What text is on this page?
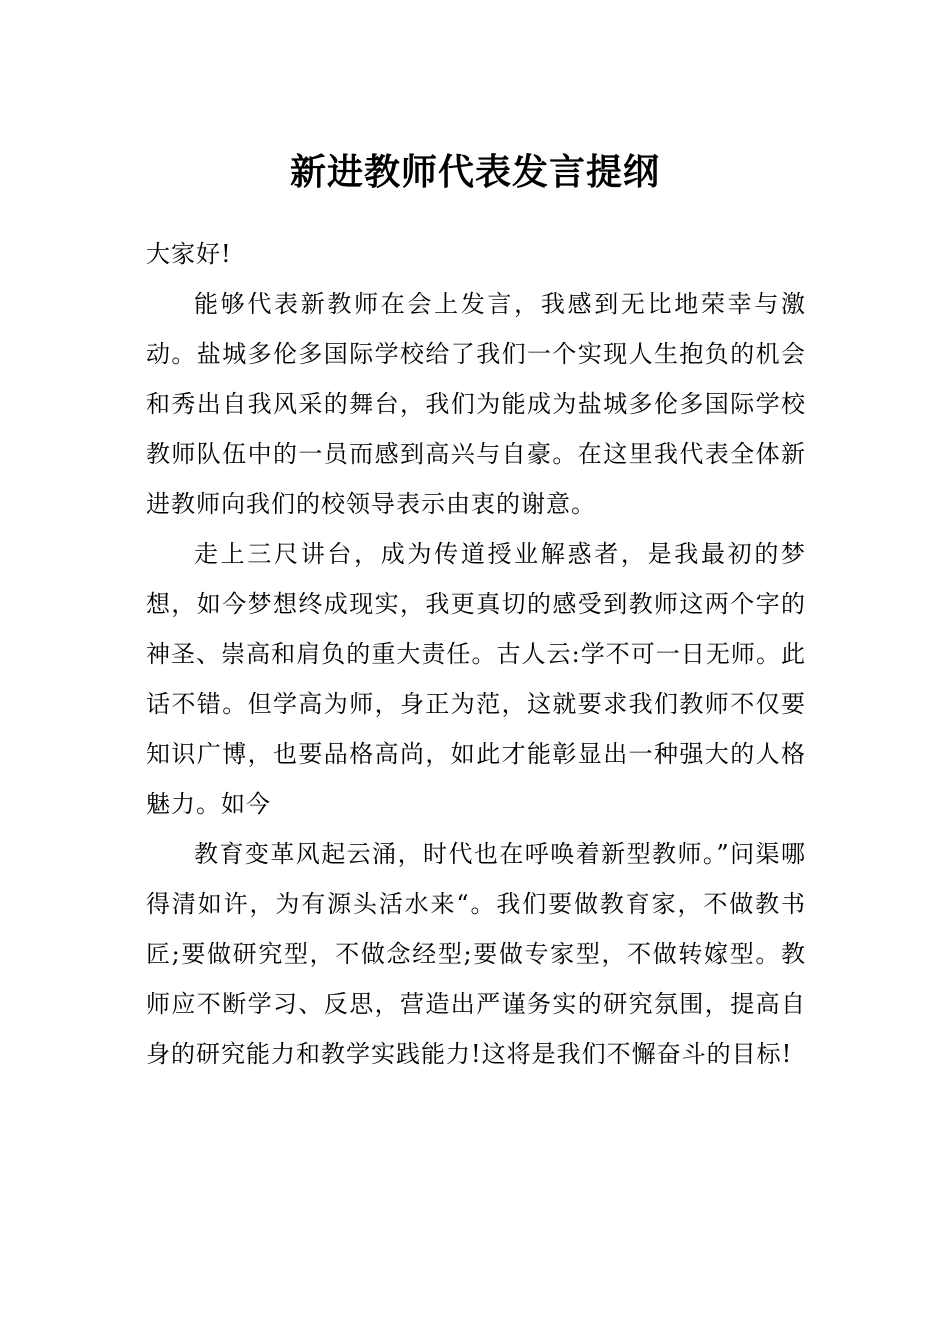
新进教师代表发言提纲

大家好!

能够代表新教师在会上发言，我感到无比地荣幸与激动。盐城多伦多国际学校给了我们一个实现人生抱负的机会和秀出自我风采的舞台，我们为能成为盐城多伦多国际学校教师队伍中的一员而感到高兴与自豪。在这里我代表全体新进教师向我们的校领导表示由衷的谢意。

走上三尺讲台，成为传道授业解惑者，是我最初的梦想，如今梦想终成现实，我更真切的感受到教师这两个字的神圣、崇高和肩负的重大责任。古人云:学不可一日无师。此话不错。但学高为师，身正为范，这就要求我们教师不仅要知识广博，也要品格高尚，如此才能彰显出一种强大的人格魅力。如今

教育变革风起云涌，时代也在呼唤着新型教师。”问渠哪得清如许，为有源头活水来“。我们要做教育家，不做教书匠;要做研究型，不做念经型;要做专家型，不做转嫁型。教师应不断学习、反思，营造出严谨务实的研究氛围，提高自身的研究能力和教学实践能力!这将是我们不懈奋斗的目标!
